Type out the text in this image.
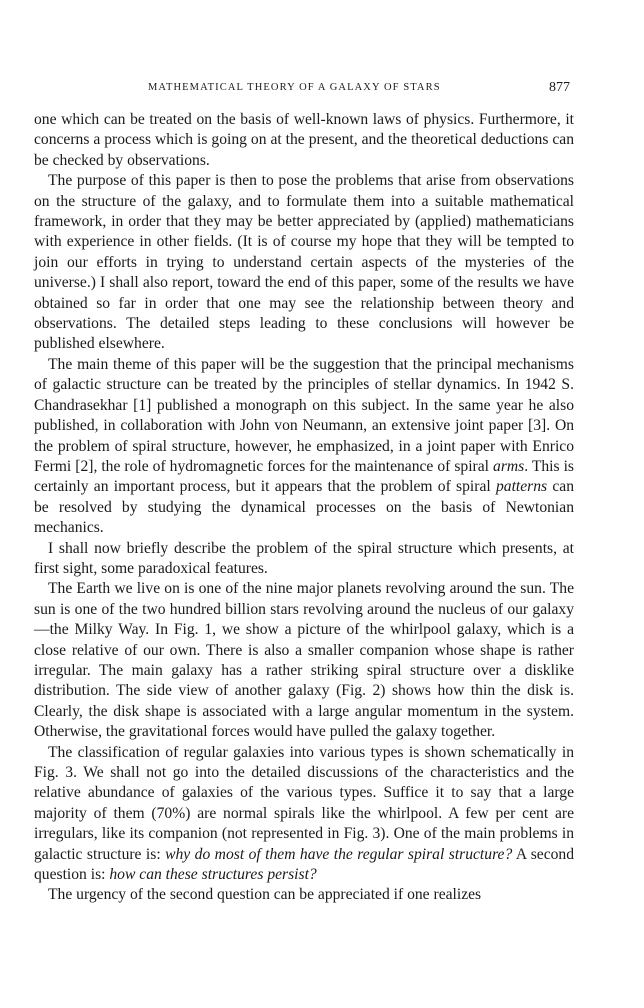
MATHEMATICAL THEORY OF A GALAXY OF STARS	877

one which can be treated on the basis of well-known laws of physics. Furthermore, it concerns a process which is going on at the present, and the theoretical deductions can be checked by observations.

The purpose of this paper is then to pose the problems that arise from observations on the structure of the galaxy, and to formulate them into a suitable mathematical framework, in order that they may be better appreciated by (applied) mathematicians with experience in other fields. (It is of course my hope that they will be tempted to join our efforts in trying to understand certain aspects of the mysteries of the universe.) I shall also report, toward the end of this paper, some of the results we have obtained so far in order that one may see the relationship between theory and observations. The detailed steps leading to these conclusions will however be published elsewhere.

The main theme of this paper will be the suggestion that the principal mechanisms of galactic structure can be treated by the principles of stellar dynamics. In 1942 S. Chandrasekhar [1] published a monograph on this subject. In the same year he also published, in collaboration with John von Neumann, an extensive joint paper [3]. On the problem of spiral structure, however, he emphasized, in a joint paper with Enrico Fermi [2], the role of hydromagnetic forces for the maintenance of spiral arms. This is certainly an important process, but it appears that the problem of spiral patterns can be resolved by studying the dynamical processes on the basis of Newtonian mechanics.

I shall now briefly describe the problem of the spiral structure which presents, at first sight, some paradoxical features.

The Earth we live on is one of the nine major planets revolving around the sun. The sun is one of the two hundred billion stars revolving around the nucleus of our galaxy—the Milky Way. In Fig. 1, we show a picture of the whirlpool galaxy, which is a close relative of our own. There is also a smaller companion whose shape is rather irregular. The main galaxy has a rather striking spiral structure over a disklike distribution. The side view of another galaxy (Fig. 2) shows how thin the disk is. Clearly, the disk shape is associated with a large angular momentum in the system. Otherwise, the gravitational forces would have pulled the galaxy together.

The classification of regular galaxies into various types is shown schematically in Fig. 3. We shall not go into the detailed discussions of the characteristics and the relative abundance of galaxies of the various types. Suffice it to say that a large majority of them (70%) are normal spirals like the whirlpool. A few per cent are irregulars, like its companion (not represented in Fig. 3). One of the main problems in galactic structure is: why do most of them have the regular spiral structure? A second question is: how can these structures persist?

The urgency of the second question can be appreciated if one realizes
